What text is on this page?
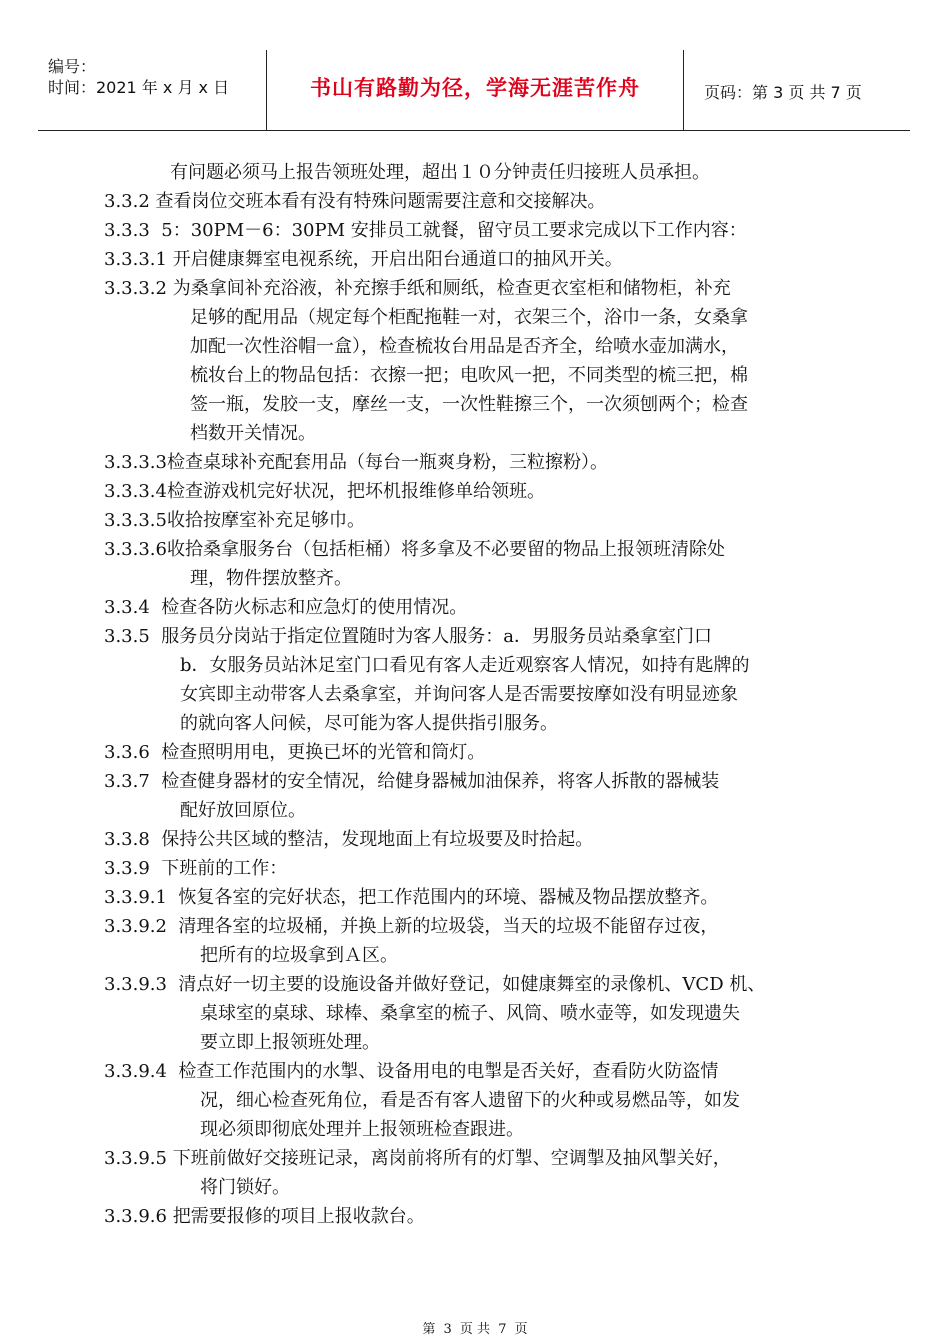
编号：
时间：2021 年 x 月 x 日	书山有路勤为径，学海无涯苦作舟	页码：第 3 页 共 7 页
有问题必须马上报告领班处理，超出１０分钟责任归接班人员承担。
3.3.2 查看岗位交班本看有没有特殊问题需要注意和交接解决。
3.3.3  5：30PM－6：30PM 安排员工就餐，留守员工要求完成以下工作内容：
3.3.3.1 开启健康舞室电视系统，开启出阳台通道口的抽风开关。
3.3.3.2 为桑拿间补充浴液，补充擦手纸和厕纸，检查更衣室柜和储物柜，补充
足够的配用品（规定每个柜配拖鞋一对，衣架三个，浴巾一条，女桑拿
加配一次性浴帽一盒），检查梳妆台用品是否齐全，给喷水壶加满水，
梳妆台上的物品包括：衣擦一把；电吹风一把，不同类型的梳三把，棉
签一瓶，发胶一支，摩丝一支，一次性鞋擦三个，一次须刨两个；检查
档数开关情况。
3.3.3.3检查桌球补充配套用品（每台一瓶爽身粉，三粒擦粉）。
3.3.3.4检查游戏机完好状况，把坏机报维修单给领班。
3.3.3.5收拾按摩室补充足够巾。
3.3.3.6收拾桑拿服务台（包括柜桶）将多拿及不必要留的物品上报领班清除处
理，物件摆放整齐。
3.3.4  检查各防火标志和应急灯的使用情况。
3.3.5  服务员分岗站于指定位置随时为客人服务：a．男服务员站桑拿室门口
b．女服务员站沐足室门口看见有客人走近观察客人情况，如持有匙牌的
女宾即主动带客人去桑拿室，并询问客人是否需要按摩如没有明显迹象
的就向客人问候，尽可能为客人提供指引服务。
3.3.6  检查照明用电，更换已坏的光管和筒灯。
3.3.7  检查健身器材的安全情况，给健身器械加油保养，将客人拆散的器械装
配好放回原位。
3.3.8  保持公共区域的整洁，发现地面上有垃圾要及时拾起。
3.3.9  下班前的工作：
3.3.9.1  恢复各室的完好状态，把工作范围内的环境、器械及物品摆放整齐。
3.3.9.2  清理各室的垃圾桶，并换上新的垃圾袋，当天的垃圾不能留存过夜，
把所有的垃圾拿到Ａ区。
3.3.9.3  清点好一切主要的设施设备并做好登记，如健康舞室的录像机、VCD 机、
桌球室的桌球、球棒、桑拿室的梳子、风筒、喷水壶等，如发现遗失
要立即上报领班处理。
3.3.9.4  检查工作范围内的水掣、设备用电的电掣是否关好，查看防火防盗情
况，细心检查死角位，看是否有客人遗留下的火种或易燃品等，如发
现必须即彻底处理并上报领班检查跟进。
3.3.9.5 下班前做好交接班记录，离岗前将所有的灯掣、空调掣及抽风掣关好，
将门锁好。
3.3.9.6 把需要报修的项目上报收款台。
第 3 页 共 7 页
